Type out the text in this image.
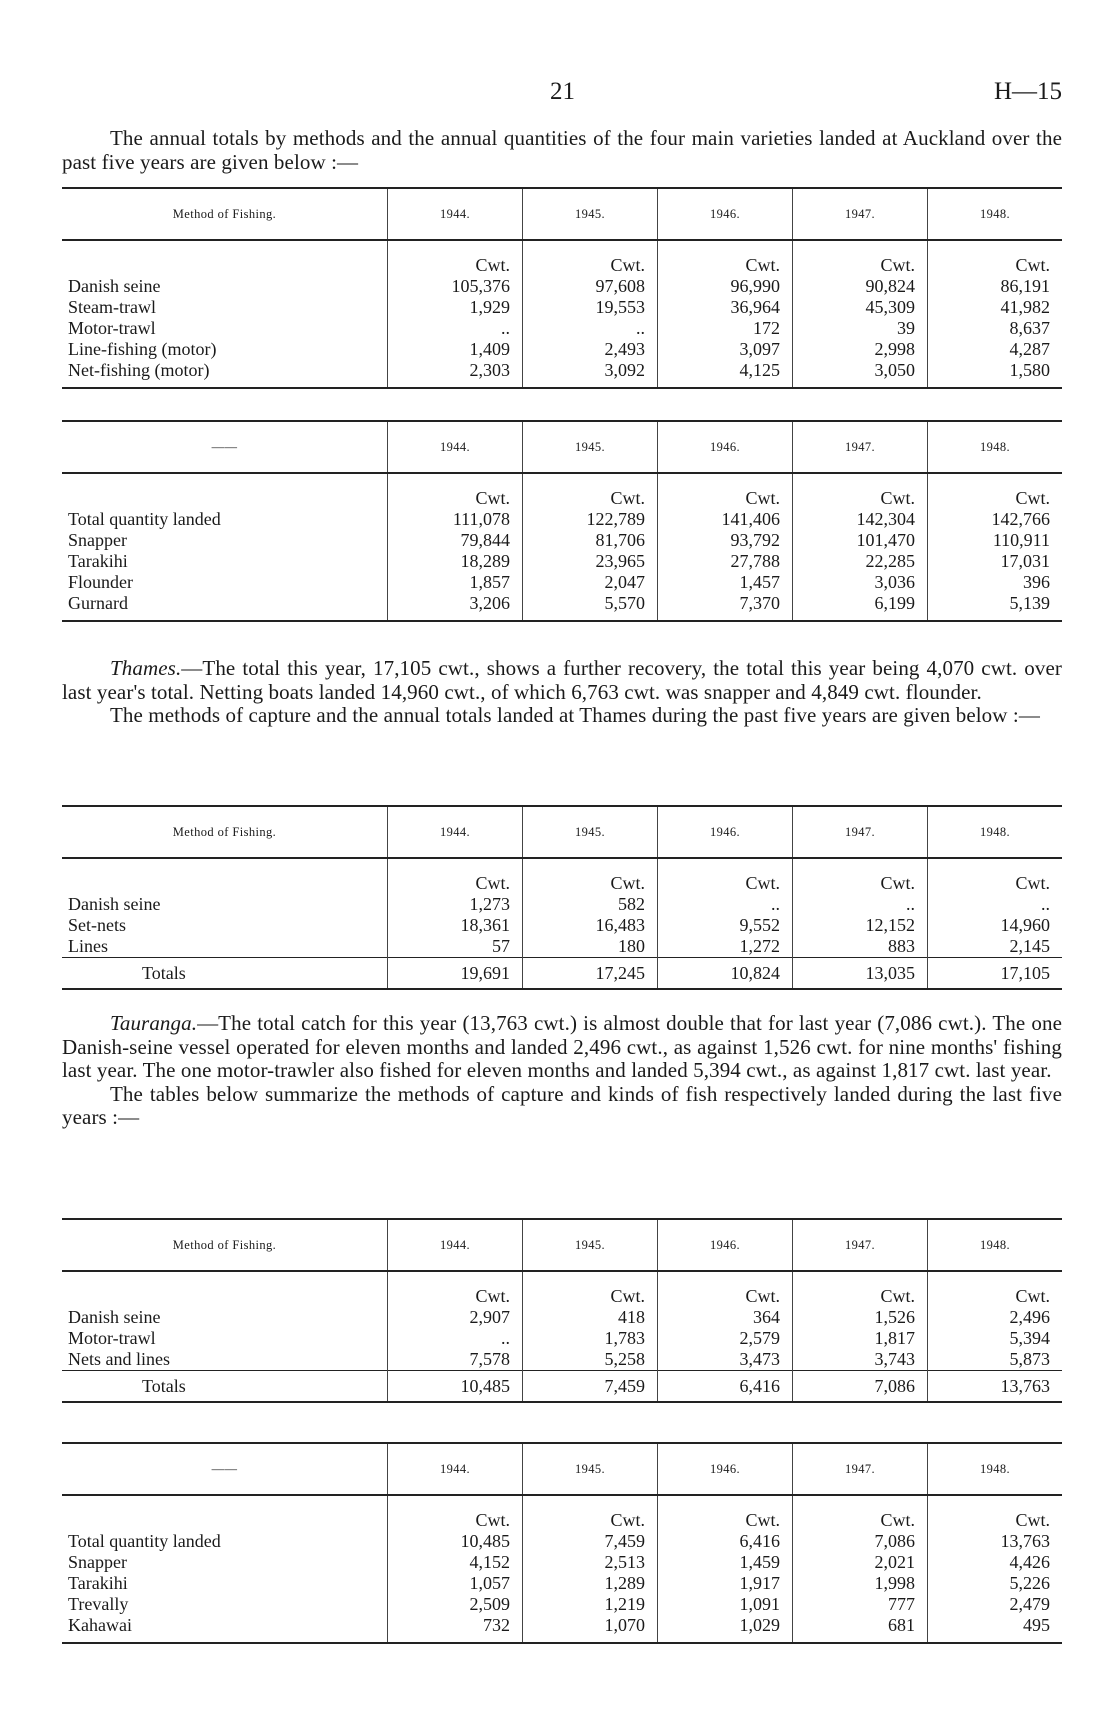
21	H—15

The annual totals by methods and the annual quantities of the four main varieties landed at Auckland over the past five years are given below :—

Method of Fishing.	1944.	1945.	1946.	1947.	1948.
	Cwt.	Cwt.	Cwt.	Cwt.	Cwt.
Danish seine	105,376	97,608	96,990	90,824	86,191
Steam-trawl	1,929	19,553	36,964	45,309	41,982
Motor-trawl	..	..	172	39	8,637
Line-fishing (motor)	1,409	2,493	3,097	2,998	4,287
Net-fishing (motor)	2,303	3,092	4,125	3,050	1,580
——	1944.	1945.	1946.	1947.	1948.
	Cwt.	Cwt.	Cwt.	Cwt.	Cwt.
Total quantity landed	111,078	122,789	141,406	142,304	142,766
Snapper	79,844	81,706	93,792	101,470	110,911
Tarakihi	18,289	23,965	27,788	22,285	17,031
Flounder	1,857	2,047	1,457	3,036	396
Gurnard	3,206	5,570	7,370	6,199	5,139

Thames.—The total this year, 17,105 cwt., shows a further recovery, the total this year being 4,070 cwt. over last year's total. Netting boats landed 14,960 cwt., of which 6,763 cwt. was snapper and 4,849 cwt. flounder.

The methods of capture and the annual totals landed at Thames during the past five years are given below :—

Method of Fishing.	1944.	1945.	1946.	1947.	1948.
	Cwt.	Cwt.	Cwt.	Cwt.	Cwt.
Danish seine	1,273	582	..	..	..
Set-nets	18,361	16,483	9,552	12,152	14,960
Lines	57	180	1,272	883	2,145
Totals	19,691	17,245	10,824	13,035	17,105

Tauranga.—The total catch for this year (13,763 cwt.) is almost double that for last year (7,086 cwt.). The one Danish-seine vessel operated for eleven months and landed 2,496 cwt., as against 1,526 cwt. for nine months' fishing last year. The one motor-trawler also fished for eleven months and landed 5,394 cwt., as against 1,817 cwt. last year.

The tables below summarize the methods of capture and kinds of fish respectively landed during the last five years :—

Method of Fishing.	1944.	1945.	1946.	1947.	1948.
	Cwt.	Cwt.	Cwt.	Cwt.	Cwt.
Danish seine	2,907	418	364	1,526	2,496
Motor-trawl	..	1,783	2,579	1,817	5,394
Nets and lines	7,578	5,258	3,473	3,743	5,873
Totals	10,485	7,459	6,416	7,086	13,763
——	1944.	1945.	1946.	1947.	1948.
	Cwt.	Cwt.	Cwt.	Cwt.	Cwt.
Total quantity landed	10,485	7,459	6,416	7,086	13,763
Snapper	4,152	2,513	1,459	2,021	4,426
Tarakihi	1,057	1,289	1,917	1,998	5,226
Trevally	2,509	1,219	1,091	777	2,479
Kahawai	732	1,070	1,029	681	495
